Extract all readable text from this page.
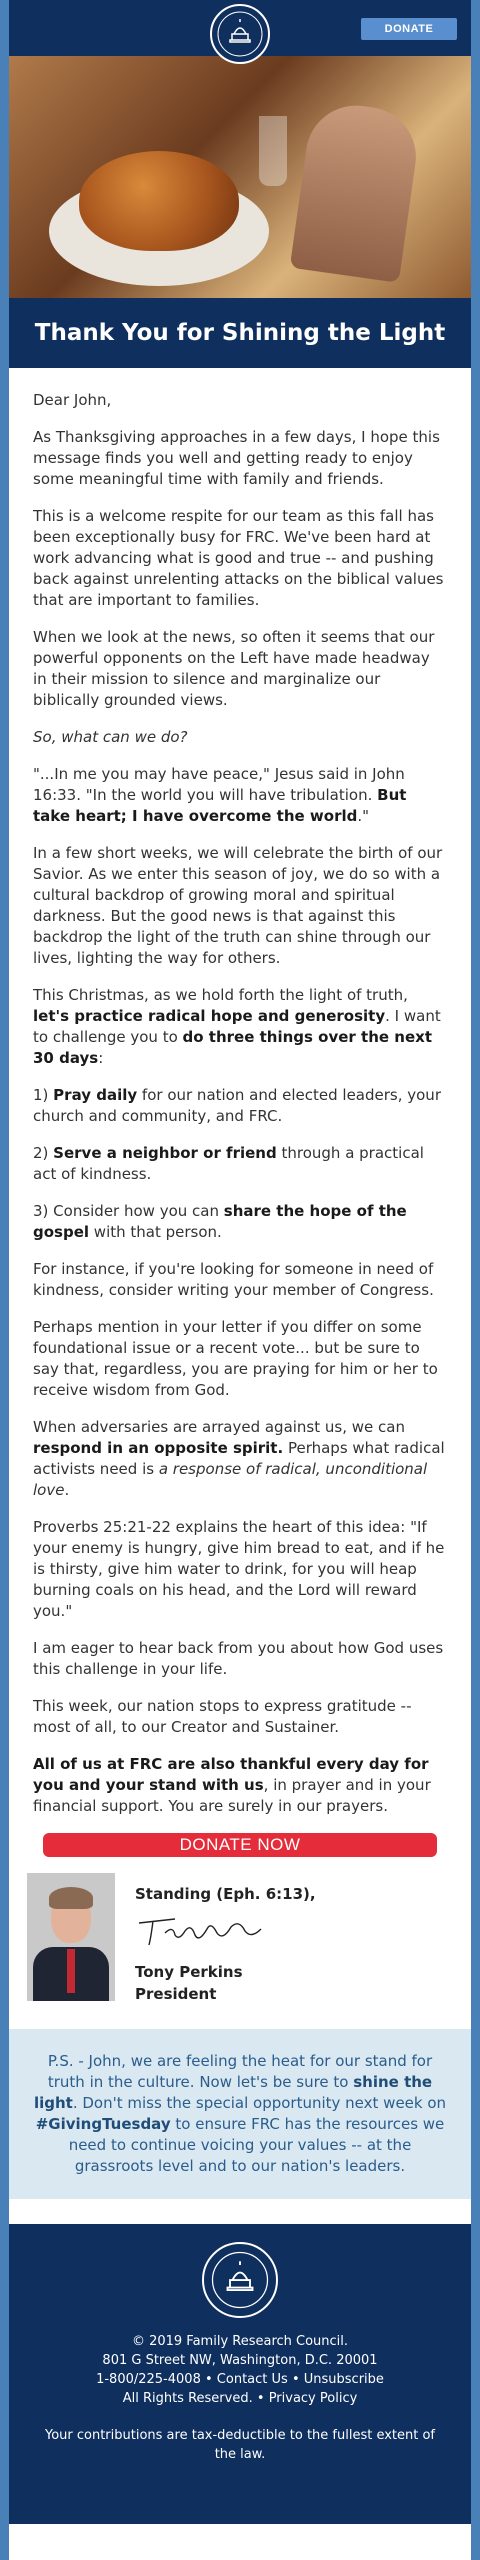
DONATE
Thank You for Shining the Light

Dear John,

As Thanksgiving approaches in a few days, I hope this message finds you well and getting ready to enjoy some meaningful time with family and friends.

This is a welcome respite for our team as this fall has been exceptionally busy for FRC. We've been hard at work advancing what is good and true -- and pushing back against unrelenting attacks on the biblical values that are important to families.

When we look at the news, so often it seems that our powerful opponents on the Left have made headway in their mission to silence and marginalize our biblically grounded views.

So, what can we do?

"...In me you may have peace," Jesus said in John 16:33. "In the world you will have tribulation. But take heart; I have overcome the world."

In a few short weeks, we will celebrate the birth of our Savior. As we enter this season of joy, we do so with a cultural backdrop of growing moral and spiritual darkness. But the good news is that against this backdrop the light of the truth can shine through our lives, lighting the way for others.

This Christmas, as we hold forth the light of truth, let's practice radical hope and generosity. I want to challenge you to do three things over the next 30 days:

1) Pray daily for our nation and elected leaders, your church and community, and FRC.

2) Serve a neighbor or friend through a practical act of kindness.

3) Consider how you can share the hope of the gospel with that person.

For instance, if you're looking for someone in need of kindness, consider writing your member of Congress.

Perhaps mention in your letter if you differ on some foundational issue or a recent vote... but be sure to say that, regardless, you are praying for him or her to receive wisdom from God.

When adversaries are arrayed against us, we can respond in an opposite spirit. Perhaps what radical activists need is a response of radical, unconditional love.

Proverbs 25:21-22 explains the heart of this idea: "If your enemy is hungry, give him bread to eat, and if he is thirsty, give him water to drink, for you will heap burning coals on his head, and the Lord will reward you."

I am eager to hear back from you about how God uses this challenge in your life.

This week, our nation stops to express gratitude -- most of all, to our Creator and Sustainer.

All of us at FRC are also thankful every day for you and your stand with us, in prayer and in your financial support. You are surely in our prayers.

DONATE NOW
Standing (Eph. 6:13),
Tony Perkins
President
P.S. - John, we are feeling the heat for our stand for truth in the culture. Now let's be sure to shine the light. Don't miss the special opportunity next week on #GivingTuesday to ensure FRC has the resources we need to continue voicing your values -- at the grassroots level and to our nation's leaders.
© 2019 Family Research Council.
801 G Street NW, Washington, D.C. 20001
1-800/225-4008 • Contact Us • Unsubscribe
All Rights Reserved. • Privacy Policy
Your contributions are tax-deductible to the fullest extent of the law.
